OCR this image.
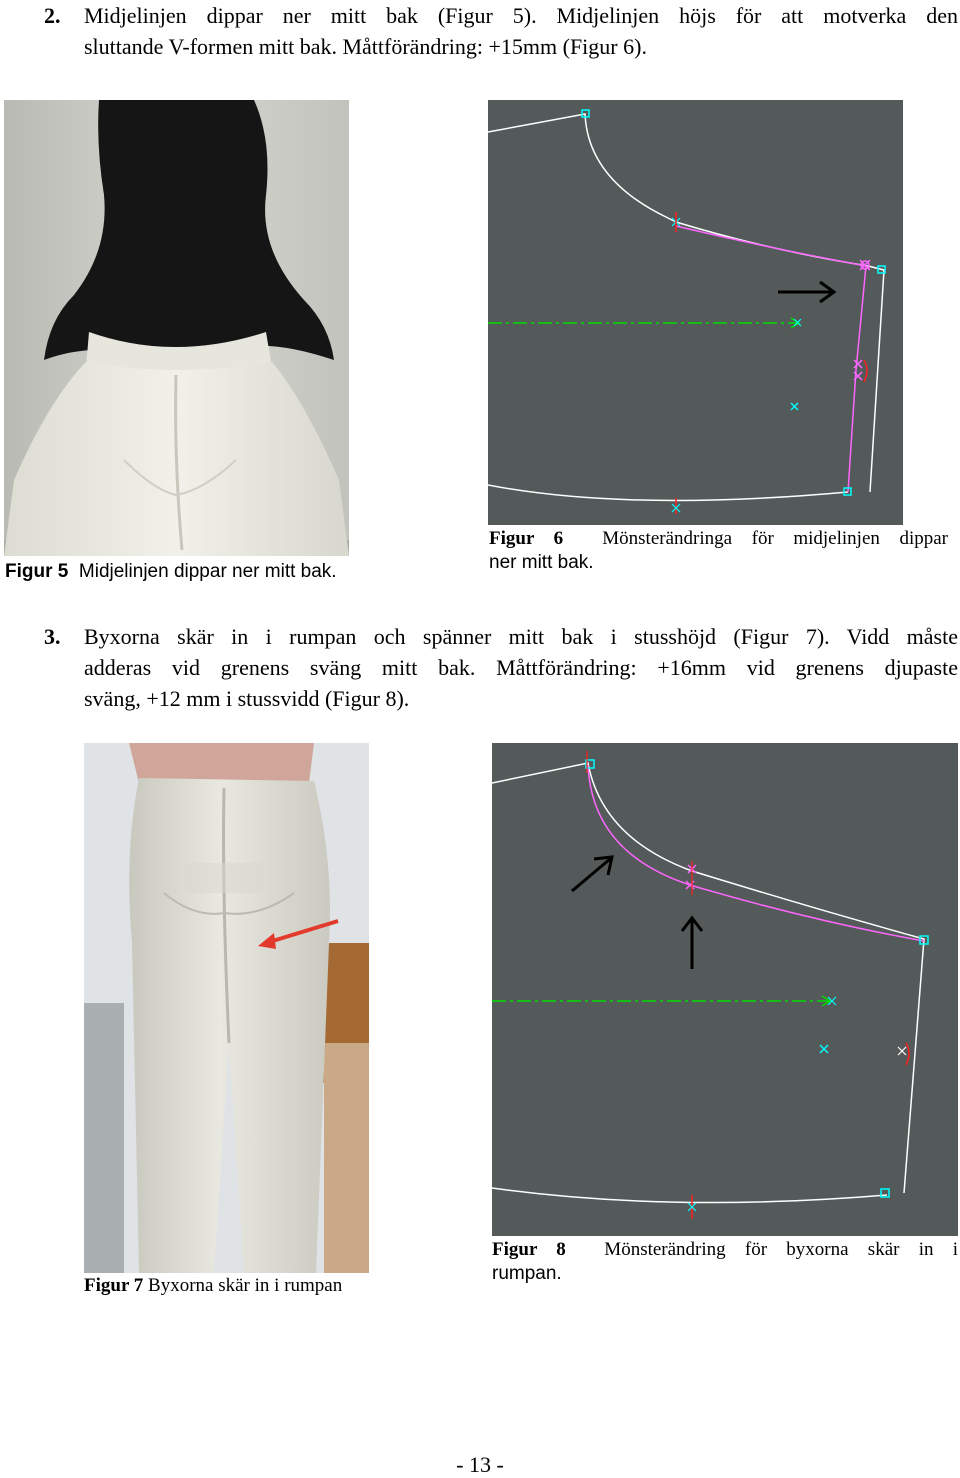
2. Midjelinjen dippar ner mitt bak (Figur 5). Midjelinjen höjs för att motverka den
sluttande V-formen mitt bak. Måttförändring: +15mm (Figur 6).
Figur 5 Midjelinjen dippar ner mitt bak.
Figur 6 Mönsterändringa för midjelinjen dippar
ner mitt bak.
3. Byxorna skär in i rumpan och spänner mitt bak i stusshöjd (Figur 7). Vidd måste
adderas vid grenens sväng mitt bak. Måttförändring: +16mm vid grenens djupaste
sväng, +12 mm i stussvidd (Figur 8).
Figur 7 Byxorna skär in i rumpan
Figur 8 Mönsterändring för byxorna skär in i
rumpan.
- 13 -
